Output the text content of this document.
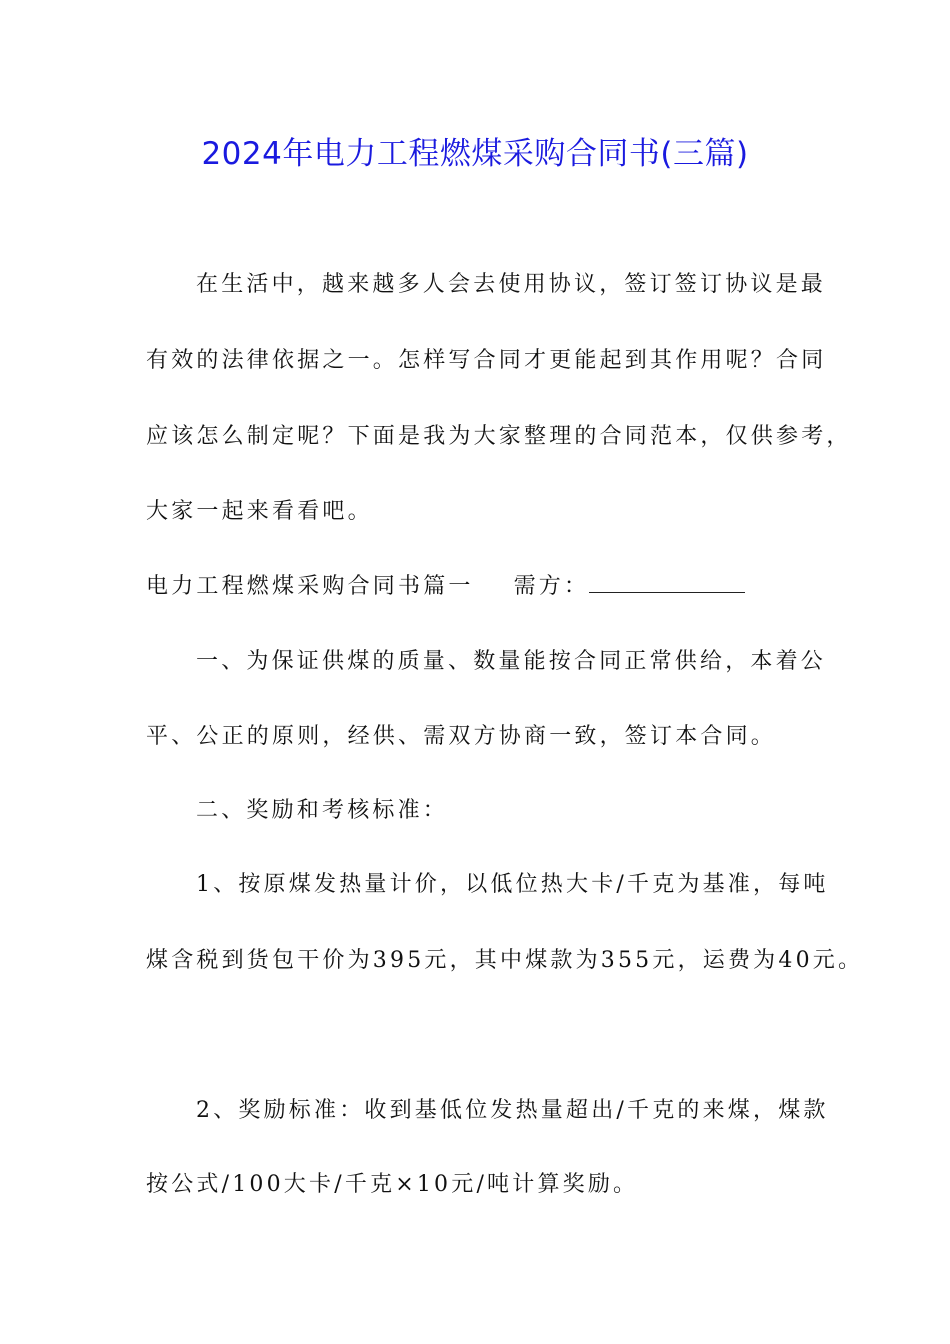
2024年电力工程燃煤采购合同书(三篇)
在生活中，越来越多人会去使用协议，签订签订协议是最
有效的法律依据之一。怎样写合同才更能起到其作用呢？合同
应该怎么制定呢？下面是我为大家整理的合同范本，仅供参考，
大家一起来看看吧。
电力工程燃煤采购合同书篇一 需方：
一、为保证供煤的质量、数量能按合同正常供给，本着公
平、公正的原则，经供、需双方协商一致，签订本合同。
二、奖励和考核标准：
1、按原煤发热量计价，以低位热大卡/千克为基准，每吨
煤含税到货包干价为395元，其中煤款为355元，运费为40元。
2、奖励标准：收到基低位发热量超出/千克的来煤，煤款
按公式/100大卡/千克×10元/吨计算奖励。
